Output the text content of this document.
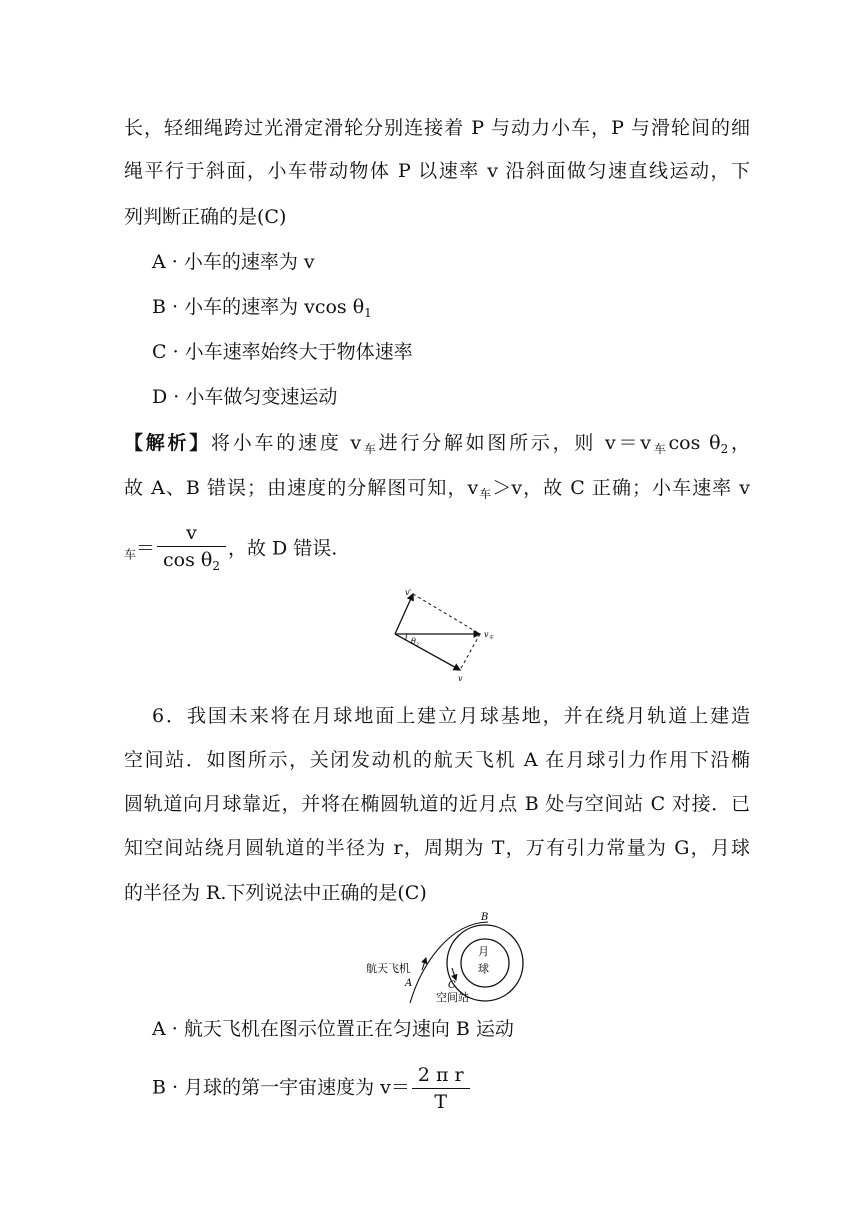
长，轻细绳跨过光滑定滑轮分别连接着 P 与动力小车，P 与滑轮间的细
绳平行于斜面，小车带动物体 P 以速率 v 沿斜面做匀速直线运动，下
列判断正确的是(C)
A · 小车的速率为 v
B · 小车的速率为 vcos $\theta_1$
C · 小车速率始终大于物体速率
D · 小车做匀变速运动
【解析】将小车的速度 $v_车$进行分解如图所示，则 $v=v_车\cos$ $\theta_2$，
故 A、B 错误；由速度的分解图可知，$v_车>v$，故 C 正确；小车速率 v
$_车= \frac{v}{\cos \theta_2}$ ，故 D 错误.
v′
$\theta_2$
$v_车$
v
6．我国未来将在月球地面上建立月球基地，并在绕月轨道上建造
空间站．如图所示，关闭发动机的航天飞机 A 在月球引力作用下沿椭
圆轨道向月球靠近，并将在椭圆轨道的近月点 B 处与空间站 C 对接．已
知空间站绕月圆轨道的半径为 r，周期为 T，万有引力常量为 G，月球
的半径为 R.下列说法中正确的是(C)
B
月
球
航天飞机
A	C
空间站
A · 航天飞机在图示位置正在匀速向 B 运动
B · 月球的第一宇宙速度为 $v= \frac{\text{2 π r}}{T}$
